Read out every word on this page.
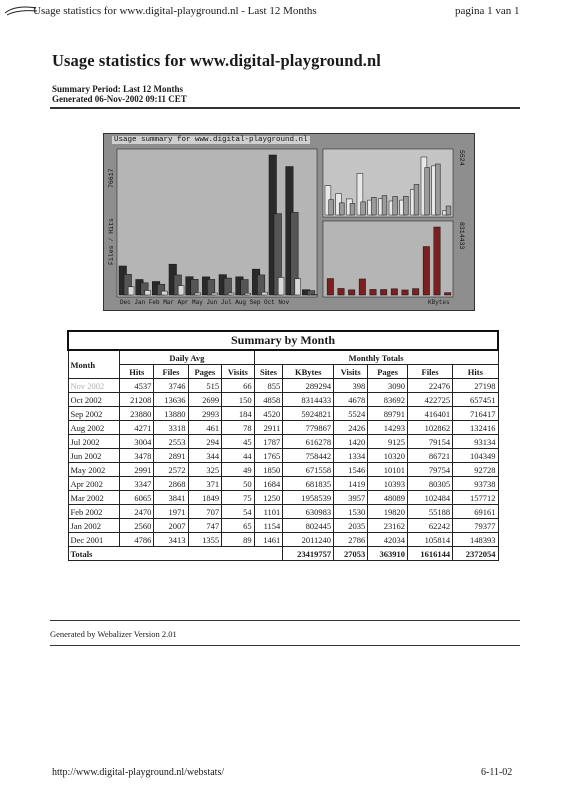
Usage statistics for www.digital-playground.nl - Last 12 Months	pagina 1 van 1
Usage statistics for www.digital-playground.nl
Summary Period: Last 12 Months
Generated 06-Nov-2002 09:11 CET
Usage summary for www.digital-playground.nl
76617
Files / Hits
5524
8314433
Dec Jan Feb Mar Apr May Jun Jul Aug Sep Oct Nov	KBytes
Summary by Month										
Month	Daily Avg				Monthly Totals					
	Hits	Files	Pages	Visits	Sites	KBytes	Visits	Pages	Files	Hits
Nov 2002	4537	3746	515	66	855	289294	398	3090	22476	27198
Oct 2002	21208	13636	2699	150	4858	8314433	4678	83692	422725	657451
Sep 2002	23880	13880	2993	184	4520	5924821	5524	89791	416401	716417
Aug 2002	4271	3318	461	78	2911	779867	2426	14293	102862	132416
Jul 2002	3004	2553	294	45	1787	616278	1420	9125	79154	93134
Jun 2002	3478	2891	344	44	1765	758442	1334	10320	86721	104349
May 2002	2991	2572	325	49	1850	671558	1546	10101	79754	92728
Apr 2002	3347	2868	371	50	1684	681835	1419	10393	80305	93738
Mar 2002	6065	3841	1849	75	1250	1958539	3957	48089	102484	157712
Feb 2002	2470	1971	707	54	1101	630983	1530	19820	55188	69161
Jan 2002	2560	2007	747	65	1154	802445	2035	23162	62242	79377
Dec 2001	4786	3413	1355	89	1461	2011240	2786	42034	105814	148393
Totals						23419757	27053	363910	1616144	2372054
Generated by Webalizer Version 2.01
http://www.digital-playground.nl/webstats/	6-11-02
